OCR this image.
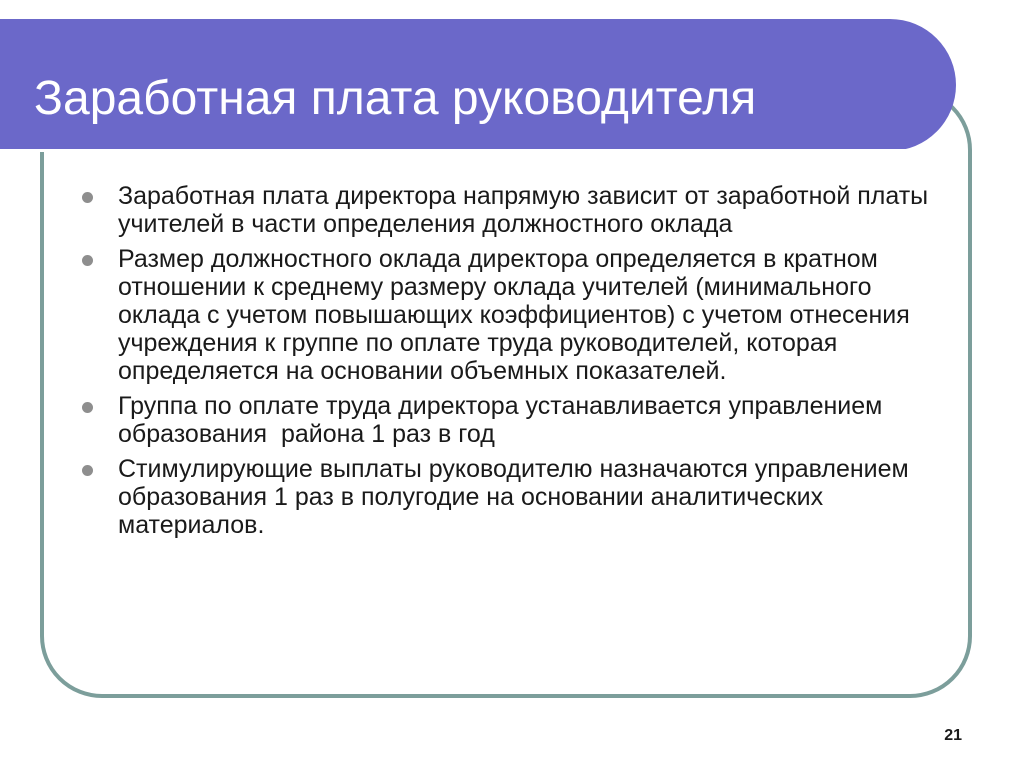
Заработная плата руководителя
Заработная плата директора напрямую зависит от заработной платы учителей в части определения должностного оклада
Размер должностного оклада директора определяется в кратном отношении к среднему размеру оклада учителей (минимального оклада с учетом повышающих коэффициентов) с учетом отнесения учреждения к группе по оплате труда руководителей, которая определяется на основании объемных показателей.
Группа по оплате труда директора устанавливается управлением образования  района 1 раз в год
Стимулирующие выплаты руководителю назначаются управлением образования 1 раз в полугодие на основании аналитических материалов.
21
